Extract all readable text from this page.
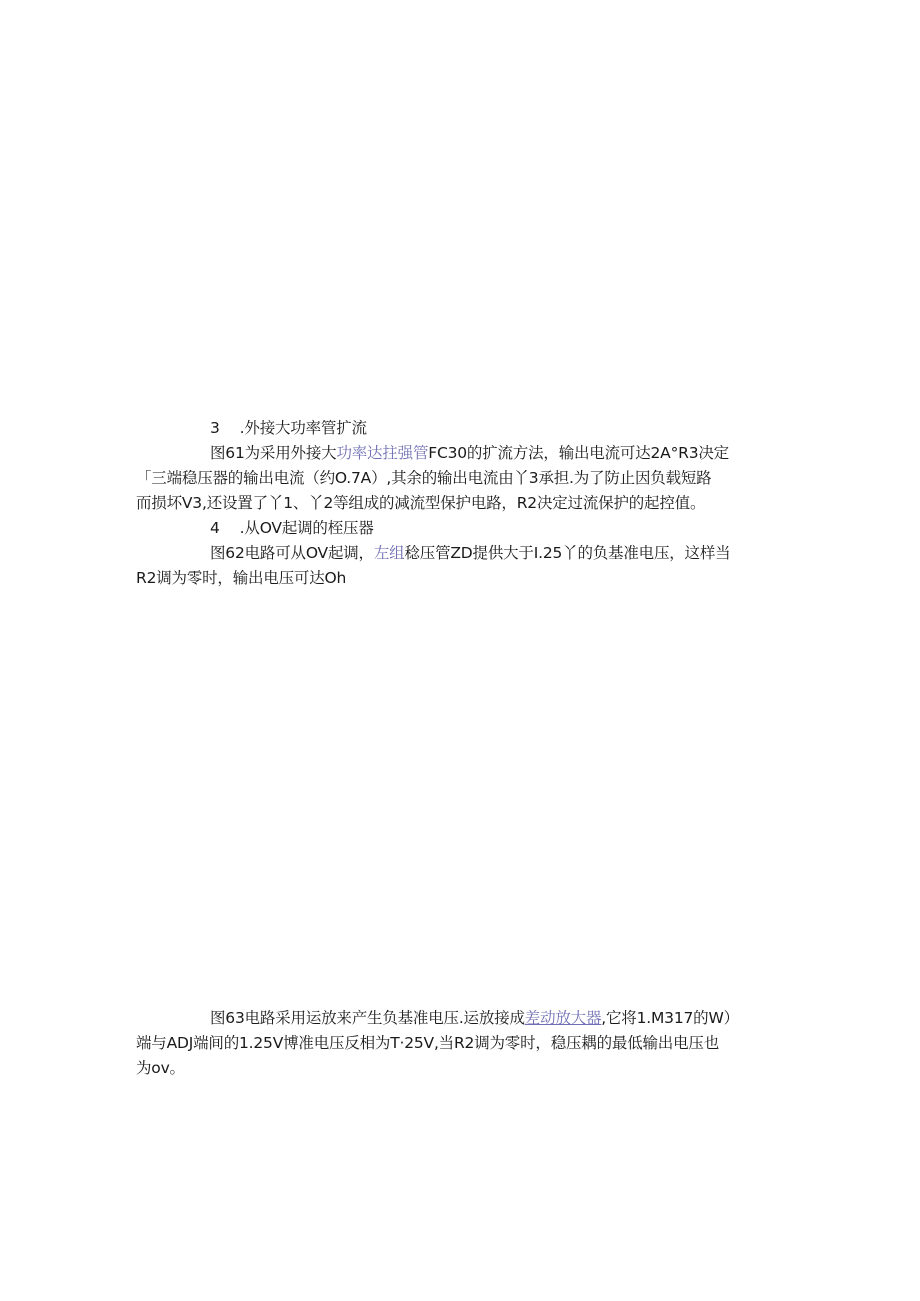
3 .外接大功率管扩流
图61为采用外接大功率达拄强管FC30的扩流方法，输出电流可达2A°R3决定
「三端稳压器的输出电流（约O.7A）,其余的输出电流由丫3承担.为了防止因负载短路
而损坏V3,还设置了丫1、丫2等组成的减流型保护电路，R2决定过流保护的起控值。
4 .从OV起调的桎压器
图62电路可从OV起调，左组稔压管ZD提供大于I.25丫的负基准电压，这样当
R2调为零时，输出电压可达Oh
图63电路采用运放来产生负基准电压.运放接成差动放大器,它将1.M317的W）
端与ADJ端间的1.25V博准电压反相为T·25V,当R2调为零时，稳压耦的最低输出电压也
为ov。
